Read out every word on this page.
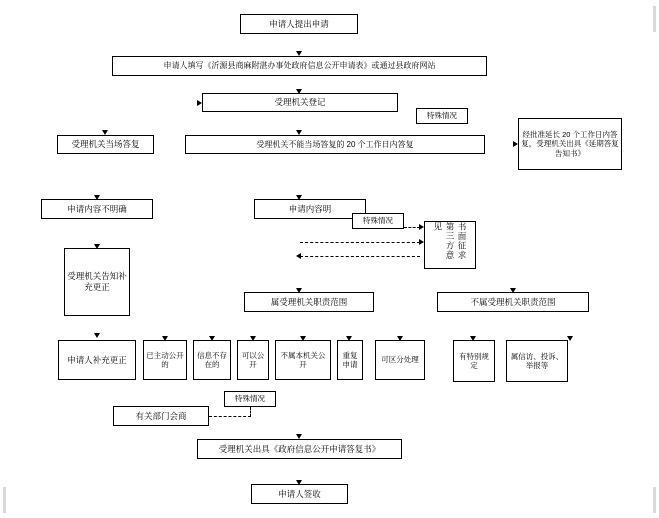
申请人提出申请
申请人填写《沂源县商麻附湛办事处政府信息公开申请表》或通过县政府网站
受理机关登记
受理机关当场答复	受理机关不能当场答复的 20 个工作日内答复
特殊情况
经批准延长 20 个工作日内答复，受理机关出具《延期答复告知书》
申请内容不明确	申请内容明
特殊情况
书面征求第三方意见
受理机关告知补充更正
属受理机关职责范围	不属受理机关职责范围
申请人补充更正	已主动公开的
信息不存在的
可以公开
不属本机关公开
重复申请
可区分处理	有特别规定
属信访、投诉、举报等
有关部门会商
特殊情况
受理机关出具《政府信息公开申请答复书》
申请人签收
